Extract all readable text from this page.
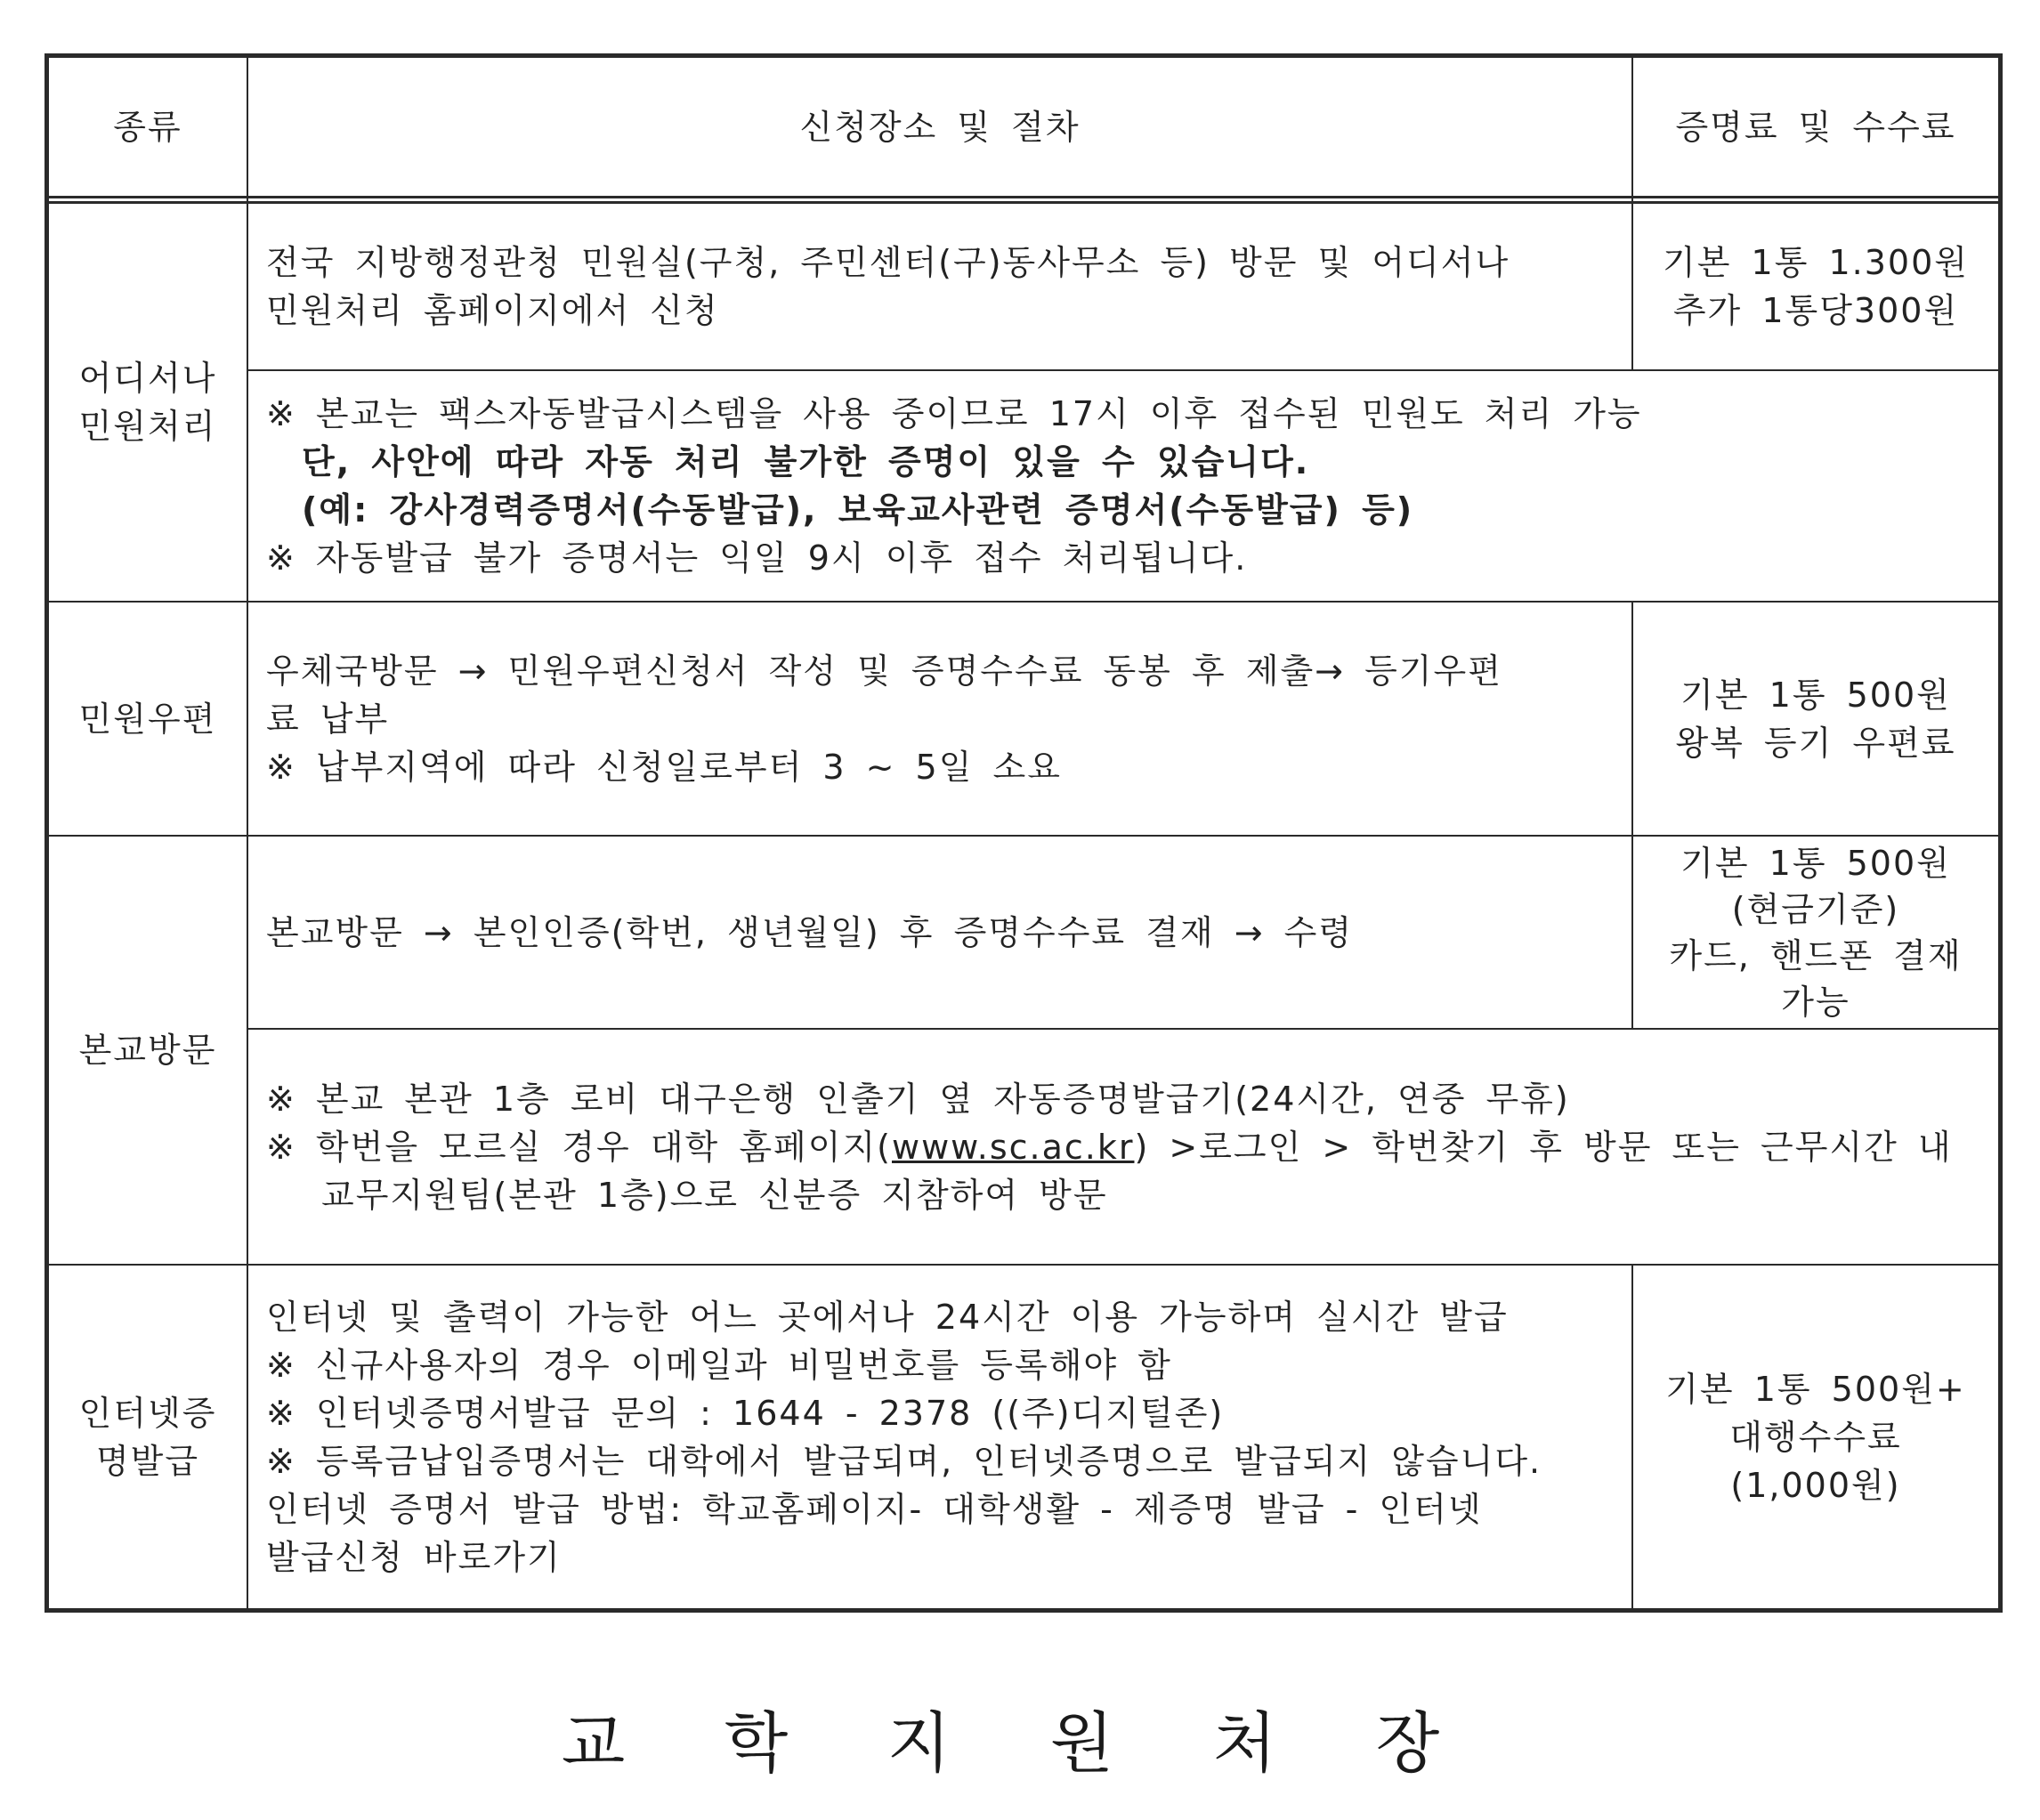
종류	신청장소 및 절차	증명료 및 수수료
어디서나
민원처리
전국 지방행정관청 민원실(구청, 주민센터(구)동사무소 등) 방문 및 어디서나
민원처리 홈페이지에서 신청
기본 1통 1.300원
추가 1통당300원
※ 본교는 팩스자동발급시스템을 사용 중이므로 17시 이후 접수된 민원도 처리 가능
단, 사안에 따라 자동 처리 불가한 증명이 있을 수 있습니다.
(예: 강사경력증명서(수동발급), 보육교사관련 증명서(수동발급) 등)
※ 자동발급 불가 증명서는 익일 9시 이후 접수 처리됩니다.
민원우편
우체국방문 → 민원우편신청서 작성 및 증명수수료 동봉 후 제출→ 등기우편
료 납부
※ 납부지역에 따라 신청일로부터 3 ~ 5일 소요
기본 1통 500원
왕복 등기 우편료
본교방문
본교방문 → 본인인증(학번, 생년월일) 후 증명수수료 결재 → 수령
기본 1통 500원
(현금기준)
카드, 핸드폰 결재
가능
※ 본교 본관 1층 로비 대구은행 인출기 옆 자동증명발급기(24시간, 연중 무휴)
※ 학번을 모르실 경우 대학 홈페이지(www.sc.ac.kr) >로그인 > 학번찾기 후 방문 또는 근무시간 내
교무지원팀(본관 1층)으로 신분증 지참하여 방문
인터넷증
명발급
인터넷 및 출력이 가능한 어느 곳에서나 24시간 이용 가능하며 실시간 발급
※ 신규사용자의 경우 이메일과 비밀번호를 등록해야 함
※ 인터넷증명서발급 문의 : 1644 - 2378 ((주)디지털존)
※ 등록금납입증명서는 대학에서 발급되며, 인터넷증명으로 발급되지 않습니다.
인터넷 증명서 발급 방법: 학교홈페이지- 대학생활 - 제증명 발급 - 인터넷
발급신청 바로가기
기본 1통 500원+
대행수수료
(1,000원)
교 학 지 원 처 장
